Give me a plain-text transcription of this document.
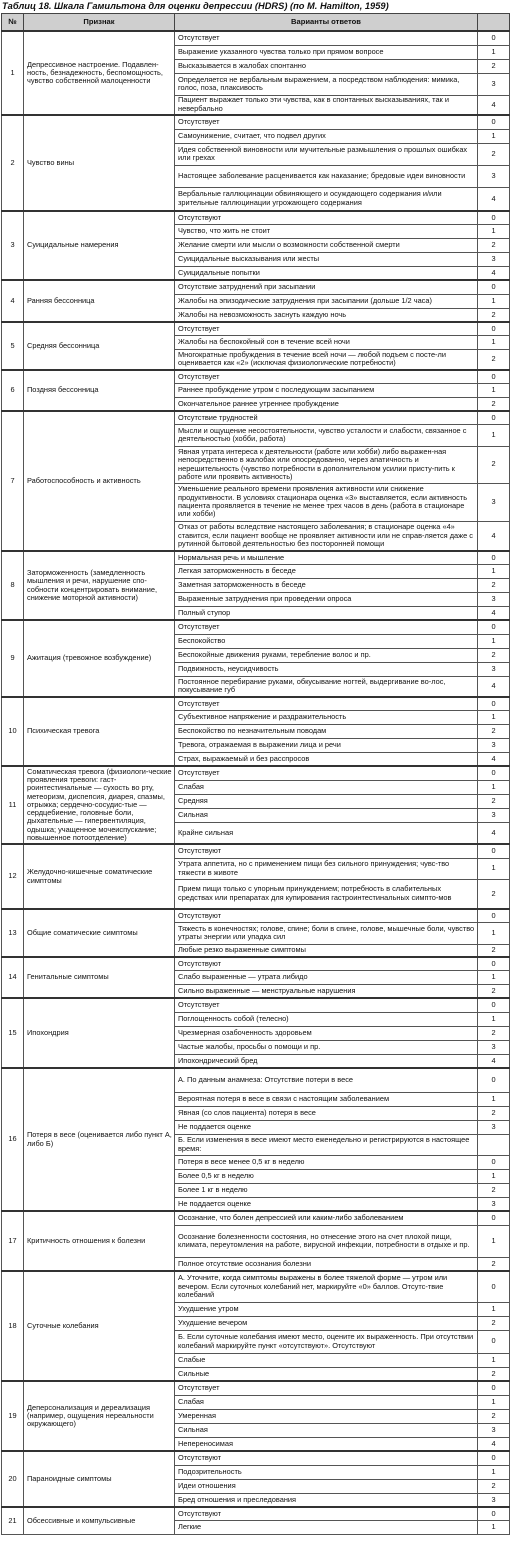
Таблиц 18. Шкала Гамильтона для оценки депрессии (HDRS) (по M. Hamilton, 1959)
№	Признак	Варианты ответов	
1	Депрессивное настроение. Подавлен-ность, безнадежность, беспомощность, чувство собственной малоценности	Отсутствует	0
		Выражение указанного чувства только при прямом вопросе	1
		Высказывается в жалобах спонтанно	2
		Определяется не вербальным выражением, а посредством наблюдения: мимика, голос, поза, плаксивость	3
		Пациент выражает только эти чувства, как в спонтанных высказываниях, так и невербально	4
2	Чувство вины	Отсутствует	0
		Самоунижение, считает, что подвел других	1
		Идея собственной виновности или мучительные размышления о прошлых ошибках или грехах	2
		Настоящее заболевание расценивается как наказание; бредовые идеи виновности	3
		Вербальные галлюцинации обвиняющего и осуждающего содержания и/или зрительные галлюцинации угрожающего содержания	4
3	Суицидальные намерения	Отсутствуют	0
		Чувство, что жить не стоит	1
		Желание смерти или мысли о возможности собственной смерти	2
		Суицидальные высказывания или жесты	3
		Суицидальные попытки	4
4	Ранняя бессонница	Отсутствие затруднений при засыпании	0
		Жалобы на эпизодические затруднения при засыпании (дольше 1/2 часа)	1
		Жалобы на невозможность заснуть каждую ночь	2
5	Средняя бессонница	Отсутствует	0
		Жалобы на беспокойный сон в течение всей ночи	1
		Многократные пробуждения в течение всей ночи — любой подъем с посте-ли оценивается как «2» (исключая физиологические потребности)	2
6	Поздняя бессонница	Отсутствует	0
		Раннее пробуждение утром с последующим засыпанием	1
		Окончательное раннее утреннее пробуждение	2
7	Работоспособность и активность	Отсутствие трудностей	0
		Мысли и ощущение несостоятельности, чувство усталости и слабости, связанное с деятельностью (хобби, работа)	1
		Явная утрата интереса к деятельности (работе или хобби) либо выражен-ная непосредственно в жалобах или опосредованно, через апатичность и нерешительность (чувство потребности в дополнительном усилии присту-пить к работе или проявить активность)	2
		Уменьшение реального времени проявления активности или снижение продуктивности. В условиях стационара оценка «3» выставляется, если активность пациента проявляется в течение не менее трех часов в день (работа в стационаре или хобби)	3
		Отказ от работы вследствие настоящего заболевания; в стационаре оценка «4» ставится, если пациент вообще не проявляет активности или не справ-ляется даже с рутинной бытовой деятельностью без посторонней помощи	4
8	Заторможенность (замедленность мышления и речи, нарушение спо-собности концентрировать внимание, снижение моторной активности)	Нормальная речь и мышление	0
		Легкая заторможенность в беседе	1
		Заметная заторможенность в беседе	2
		Выраженные затруднения при проведении опроса	3
		Полный ступор	4
9	Ажитация (тревожное возбуждение)	Отсутствует	0
		Беспокойство	1
		Беспокойные движения руками, теребление волос и пр.	2
		Подвижность, неусидчивость	3
		Постоянное перебирание руками, обкусывание ногтей, выдергивание во-лос, покусывание губ	4
10	Психическая тревога	Отсутствует	0
		Субъективное напряжение и раздражительность	1
		Беспокойство по незначительным поводам	2
		Тревога, отражаемая в выражении лица и речи	3
		Страх, выражаемый и без расспросов	4
11	Соматическая тревога (физиологи-ческие проявления тревоги: гаст-роинтестинальные — сухость во рту, метеоризм, диспепсия, диарея, спазмы, отрыжка; сердечно-сосудис-тые — сердцебиение, головные боли, дыхательные — гипервентиляция, одышка; учащенное мочеиспускание; повышенное потоотделение)	Отсутствует	0
		Слабая	1
		Средняя	2
		Сильная	3
		Крайне сильная	4
12	Желудочно-кишечные соматические симптомы	Отсутствуют	0
		Утрата аппетита, но с применением пищи без сильного принуждения; чувс-тво тяжести в животе	1
		Прием пищи только с упорным принуждением; потребность в слабительных средствах или препаратах для купирования гастроинтестинальных симпто-мов	2
13	Общие соматические симптомы	Отсутствуют	0
		Тяжесть в конечностях; голове, спине; боли в спине, голове, мышечные боли, чувство утраты энергии или упадка сил	1
		Любые резко выраженные симптомы	2
14	Генитальные симптомы	Отсутствуют	0
		Слабо выраженные — утрата либидо	1
		Сильно выраженные — менструальные нарушения	2
15	Ипохондрия	Отсутствует	0
		Поглощенность собой (телесно)	1
		Чрезмерная озабоченность здоровьем	2
		Частые жалобы, просьбы о помощи и пр.	3
		Ипохондрический бред	4
16	Потеря в весе (оценивается либо пункт А, либо Б)	А. По данным анамнеза: Отсутствие потери в весе	0
		Вероятная потеря в весе в связи с настоящим заболеванием	1
		Явная (со слов пациента) потеря в весе	2
		Не поддается оценке	3
		Б. Если изменения в весе имеют место еженедельно и регистрируются в настоящее время:	
		Потеря в весе менее 0,5 кг в неделю	0
		Более 0,5 кг в неделю	1
		Более 1 кг в неделю	2
		Не поддается оценке	3
17	Критичность отношения к болезни	Осознание, что болен депрессией или каким-либо заболеванием	0
		Осознание болезненности состояния, но отнесение этого на счет плохой пищи, климата, переутомления на работе, вирусной инфекции, потребности в отдыхе и пр.	1
		Полное отсутствие осознания болезни	2
18	Суточные колебания	А. Уточните, когда симптомы выражены в более тяжелой форме — утром или вечером. Если суточных колебаний нет, маркируйте «0» баллов. Отсутс-твие колебаний	0
		Ухудшение утром	1
		Ухудшение вечером	2
		Б. Если суточные колебания имеют место, оцените их выраженность. При отсутствии колебаний маркируйте пункт «отсутствуют». Отсутствуют	0
		Слабые	1
		Сильные	2
19	Деперсонализация и дереализация (например, ощущения нереальности окружающего)	Отсутствует	0
		Слабая	1
		Умеренная	2
		Сильная	3
		Непереносимая	4
20	Параноидные симптомы	Отсутствуют	0
		Подозрительность	1
		Идеи отношения	2
		Бред отношения и преследования	3
21	Обсессивные и компульсивные	Отсутствуют	0
		Легкие	1
